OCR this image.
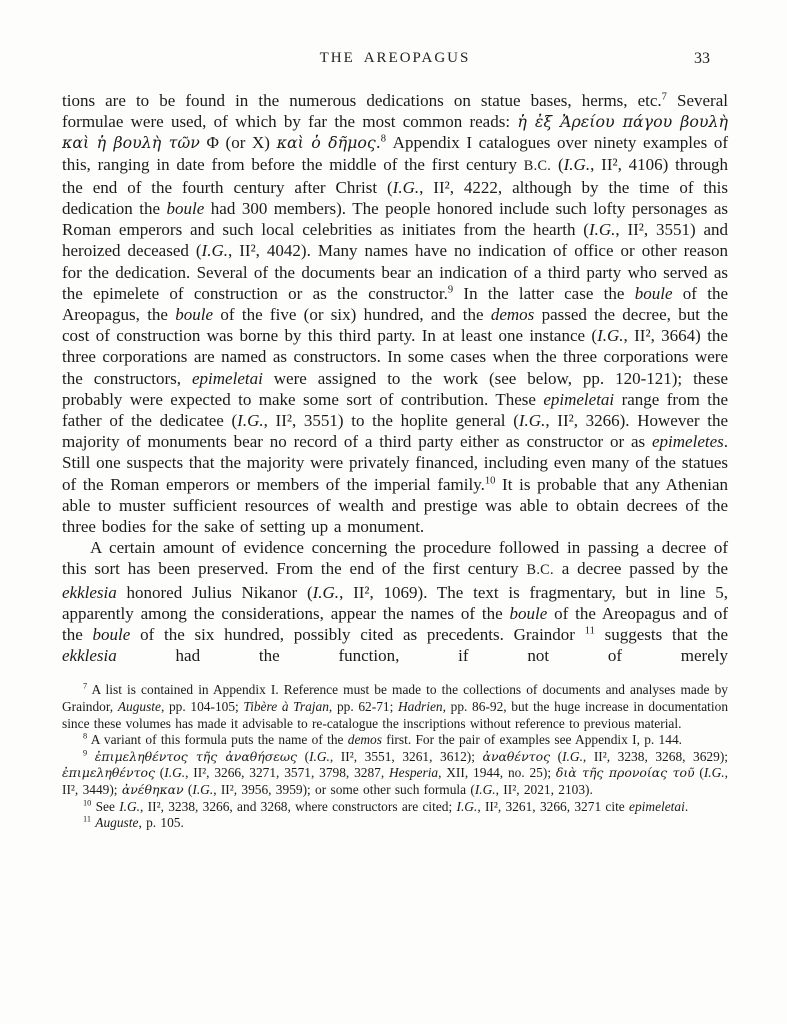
THE AREOPAGUS	33

tions are to be found in the numerous dedications on statue bases, herms, etc.$^7$ Several formulae were used, of which by far the most common reads: ἡ ἐξ Ἀρείου πάγου βουλὴ καὶ ἡ βουλὴ τῶν Φ (or X) καὶ ὁ δῆμος.$^8$ Appendix I catalogues over ninety examples of this, ranging in date from before the middle of the first century B.C. (I.G., II², 4106) through the end of the fourth century after Christ (I.G., II², 4222, although by the time of this dedication the boule had 300 members). The people honored include such lofty personages as Roman emperors and such local celebrities as initiates from the hearth (I.G., II², 3551) and heroized deceased (I.G., II², 4042). Many names have no indication of office or other reason for the dedication. Several of the documents bear an indication of a third party who served as the epimelete of construction or as the constructor.$^9$ In the latter case the boule of the Areopagus, the boule of the five (or six) hundred, and the demos passed the decree, but the cost of construction was borne by this third party. In at least one instance (I.G., II², 3664) the three corporations are named as constructors. In some cases when the three corporations were the constructors, epimeletai were assigned to the work (see below, pp. 120-121); these probably were expected to make some sort of contribution. These epimeletai range from the father of the dedicatee (I.G., II², 3551) to the hoplite general (I.G., II², 3266). However the majority of monuments bear no record of a third party either as constructor or as epimeletes. Still one suspects that the majority were privately financed, including even many of the statues of the Roman emperors or members of the imperial family.$^{10}$ It is probable that any Athenian able to muster sufficient resources of wealth and prestige was able to obtain decrees of the three bodies for the sake of setting up a monument.

A certain amount of evidence concerning the procedure followed in passing a decree of this sort has been preserved. From the end of the first century B.C. a decree passed by the ekklesia honored Julius Nikanor (I.G., II², 1069). The text is fragmentary, but in line 5, apparently among the considerations, appear the names of the boule of the Areopagus and of the boule of the six hundred, possibly cited as precedents. Graindor $^{11}$ suggests that the ekklesia had the function, if not of merely

$^7$ A list is contained in Appendix I. Reference must be made to the collections of documents and analyses made by Graindor, Auguste, pp. 104-105; Tibère à Trajan, pp. 62-71; Hadrien, pp. 86-92, but the huge increase in documentation since these volumes has made it advisable to re-catalogue the inscriptions without reference to previous material.

$^8$ A variant of this formula puts the name of the demos first. For the pair of examples see Appendix I, p. 144.

$^9$ ἐπιμεληθέντος τῆς ἀναθήσεως (I.G., II², 3551, 3261, 3612); ἀναθέντος (I.G., II², 3238, 3268, 3629); ἐπιμεληθέντος (I.G., II², 3266, 3271, 3571, 3798, 3287, Hesperia, XII, 1944, no. 25); διὰ τῆς προνοίας τοῦ (I.G., II², 3449); ἀνέθηκαν (I.G., II², 3956, 3959); or some other such formula (I.G., II², 2021, 2103).

$^{10}$ See I.G., II², 3238, 3266, and 3268, where constructors are cited; I.G., II², 3261, 3266, 3271 cite epimeletai.

$^{11}$ Auguste, p. 105.
